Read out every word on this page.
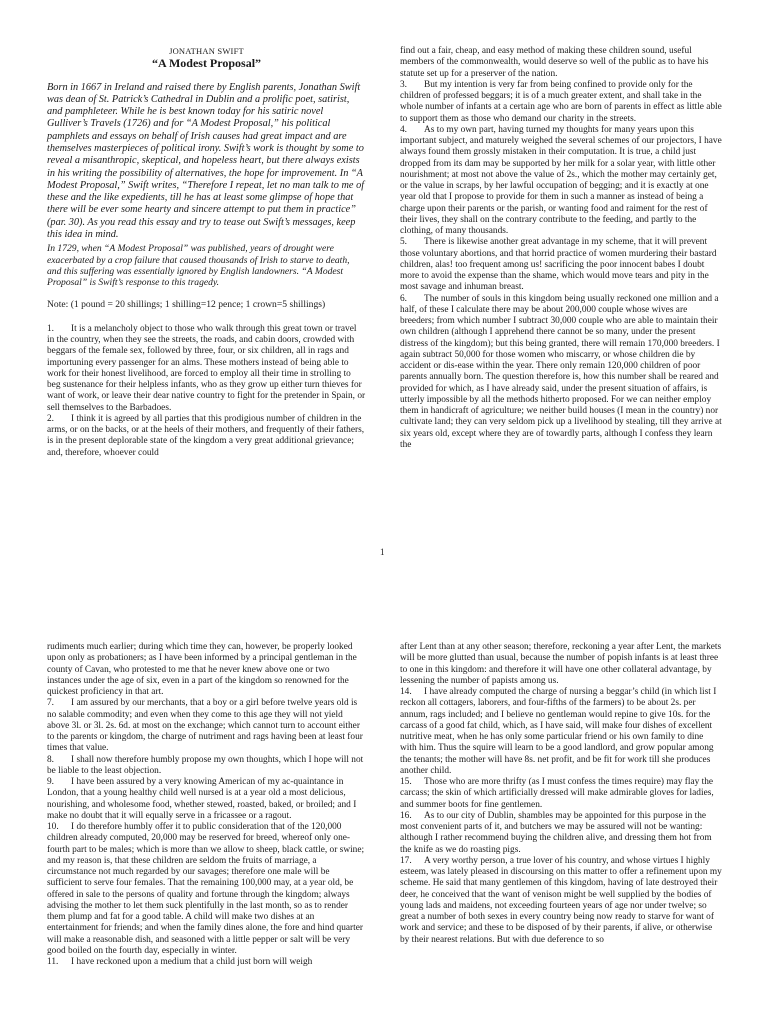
JONATHAN SWIFT

“A Modest Proposal”

Born in 1667 in Ireland and raised there by English parents, Jonathan Swift was dean of St. Patrick’s Cathedral in Dublin and a prolific poet, satirist, and pamphleteer. While he is best known today for his satiric novel Gulliver’s Travels (1726) and for “A Modest Proposal,” his political pamphlets and essays on behalf of Irish causes had great impact and are themselves masterpieces of political irony. Swift’s work is thought by some to reveal a misanthropic, skeptical, and hopeless heart, but there always exists in his writing the possibility of alternatives, the hope for improvement. In “A Modest Proposal,” Swift writes, “Therefore I repeat, let no man talk to me of these and the like expedients, till he has at least some glimpse of hope that there will be ever some hearty and sincere attempt to put them in practice” (par. 30). As you read this essay and try to tease out Swift’s messages, keep this idea in mind.

In 1729, when “A Modest Proposal” was published, years of drought were exacerbated by a crop failure that caused thousands of Irish to starve to death, and this suffering was essentially ignored by English landowners. “A Modest Proposal” is Swift’s response to this tragedy.

Note: (1 pound = 20 shillings; 1 shilling=12 pence; 1 crown=5 shillings)

1. It is a melancholy object to those who walk through this great town or travel in the country, when they see the streets, the roads, and cabin doors, crowded with beggars of the female sex, followed by three, four, or six children, all in rags and importuning every passenger for an alms. These mothers instead of being able to work for their honest livelihood, are forced to employ all their time in strolling to beg sustenance for their helpless infants, who as they grow up either turn thieves for want of work, or leave their dear native country to fight for the pretender in Spain, or sell themselves to the Barbadoes.

2. I think it is agreed by all parties that this prodigious number of children in the arms, or on the backs, or at the heels of their mothers, and frequently of their fathers, is in the present deplorable state of the kingdom a very great additional grievance; and, therefore, whoever could

find out a fair, cheap, and easy method of making these children sound, useful members of the commonwealth, would deserve so well of the public as to have his statute set up for a preserver of the nation.

3. But my intention is very far from being confined to provide only for the children of professed beggars; it is of a much greater extent, and shall take in the whole number of infants at a certain age who are born of parents in effect as little able to support them as those who demand our charity in the streets.

4. As to my own part, having turned my thoughts for many years upon this important subject, and maturely weighed the several schemes of our projectors, I have always found them grossly mistaken in their computation. It is true, a child just dropped from its dam may be supported by her milk for a solar year, with little other nourishment; at most not above the value of 2s., which the mother may certainly get, or the value in scraps, by her lawful occupation of begging; and it is exactly at one year old that I propose to provide for them in such a manner as instead of being a charge upon their parents or the parish, or wanting food and raiment for the rest of their lives, they shall on the contrary contribute to the feeding, and partly to the clothing, of many thousands.

5. There is likewise another great advantage in my scheme, that it will prevent those voluntary abortions, and that horrid practice of women murdering their bastard children, alas! too frequent among us! sacrificing the poor innocent babes I doubt more to avoid the expense than the shame, which would move tears and pity in the most savage and inhuman breast.

6. The number of souls in this kingdom being usually reckoned one million and a half, of these I calculate there may be about 200,000 couple whose wives are breeders; from which number I subtract 30,000 couple who are able to maintain their own children (although I apprehend there cannot be so many, under the present distress of the kingdom); but this being granted, there will remain 170,000 breeders. I again subtract 50,000 for those women who miscarry, or whose children die by accident or dis-ease within the year. There only remain 120,000 children of poor parents annually born. The question therefore is, how this number shall be reared and provided for which, as I have already said, under the present situation of affairs, is utterly impossible by all the methods hitherto proposed. For we can neither employ them in handicraft of agriculture; we neither build houses (I mean in the country) nor cultivate land; they can very seldom pick up a livelihood by stealing, till they arrive at six years old, except where they are of towardly parts, although I confess they learn the

1

rudiments much earlier; during which time they can, however, be properly looked upon only as probationers; as I have been informed by a principal gentleman in the county of Cavan, who protested to me that he never knew above one or two instances under the age of six, even in a part of the kingdom so renowned for the quickest proficiency in that art.

7. I am assured by our merchants, that a boy or a girl before twelve years old is no salable commodity; and even when they come to this age they will not yield above 3l. or 3l. 2s. 6d. at most on the exchange; which cannot turn to account either to the parents or kingdom, the charge of nutriment and rags having been at least four times that value.

8. I shall now therefore humbly propose my own thoughts, which I hope will not be liable to the least objection.

9. I have been assured by a very knowing American of my ac-quaintance in London, that a young healthy child well nursed is at a year old a most delicious, nourishing, and wholesome food, whether stewed, roasted, baked, or broiled; and I make no doubt that it will equally serve in a fricassee or a ragout.

10. I do therefore humbly offer it to public consideration that of the 120,000 children already computed, 20,000 may be reserved for breed, whereof only one-fourth part to be males; which is more than we allow to sheep, black cattle, or swine; and my reason is, that these children are seldom the fruits of marriage, a circumstance not much regarded by our savages; therefore one male will be sufficient to serve four females. That the remaining 100,000 may, at a year old, be offered in sale to the persons of quality and fortune through the kingdom; always advising the mother to let them suck plentifully in the last month, so as to render them plump and fat for a good table. A child will make two dishes at an entertainment for friends; and when the family dines alone, the fore and hind quarter will make a reasonable dish, and seasoned with a little pepper or salt will be very good boiled on the fourth day, especially in winter.

11. I have reckoned upon a medium that a child just born will weigh

after Lent than at any other season; therefore, reckoning a year after Lent, the markets will be more glutted than usual, because the number of popish infants is at least three to one in this kingdom: and therefore it will have one other collateral advantage, by lessening the number of papists among us.

14. I have already computed the charge of nursing a beggar’s child (in which list I reckon all cottagers, laborers, and four-fifths of the farmers) to be about 2s. per annum, rags included; and I believe no gentleman would repine to give 10s. for the carcass of a good fat child, which, as I have said, will make four dishes of excellent nutritive meat, when he has only some particular friend or his own family to dine with him. Thus the squire will learn to be a good landlord, and grow popular among the tenants; the mother will have 8s. net profit, and be fit for work till she produces another child.

15. Those who are more thrifty (as I must confess the times require) may flay the carcass; the skin of which artificially dressed will make admirable gloves for ladies, and summer boots for fine gentlemen.

16. As to our city of Dublin, shambles may be appointed for this purpose in the most convenient parts of it, and butchers we may be assured will not be wanting: although I rather recommend buying the children alive, and dressing them hot from the knife as we do roasting pigs.

17. A very worthy person, a true lover of his country, and whose virtues I highly esteem, was lately pleased in discoursing on this matter to offer a refinement upon my scheme. He said that many gentlemen of this kingdom, having of late destroyed their deer, he conceived that the want of venison might be well supplied by the bodies of young lads and maidens, not exceeding fourteen years of age nor under twelve; so great a number of both sexes in every country being now ready to starve for want of work and service; and these to be disposed of by their parents, if alive, or otherwise by their nearest relations. But with due deference to so
